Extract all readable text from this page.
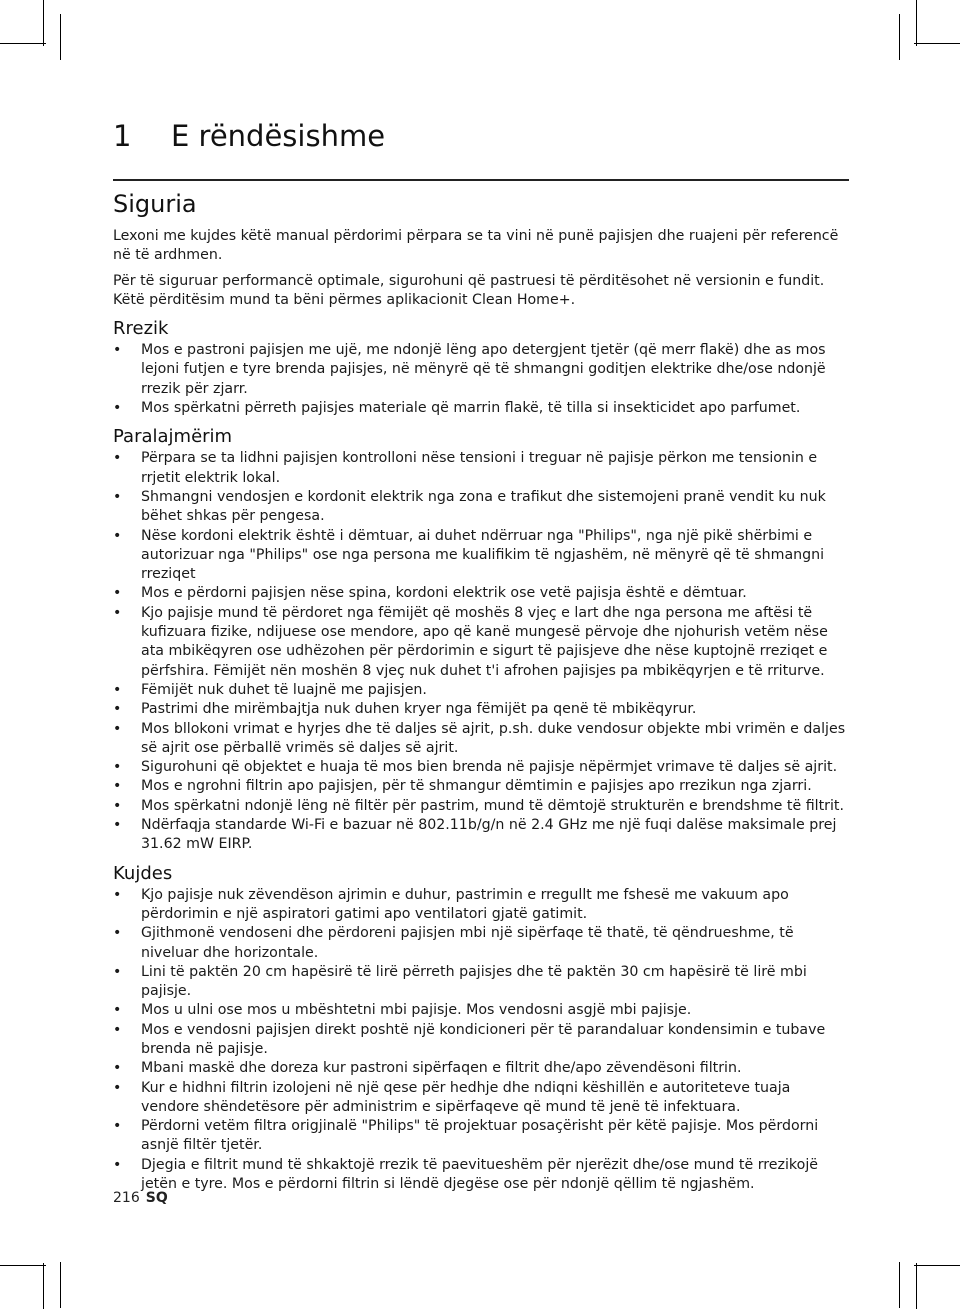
1	E rëndësishme
Siguria

Lexoni me kujdes këtë manual përdorimi përpara se ta vini në punë pajisjen dhe ruajeni për referencë në të ardhmen.

Për të siguruar performancë optimale, sigurohuni që pastruesi të përditësohet në versionin e fundit. Këtë përditësim mund ta bëni përmes aplikacionit Clean Home+.

Rrezik
• Mos e pastroni pajisjen me ujë, me ndonjë lëng apo detergjent tjetër (që merr flakë) dhe as mos lejoni futjen e tyre brenda pajisjes, në mënyrë që të shmangni goditjen elektrike dhe/ose ndonjë rrezik për zjarr.
• Mos spërkatni përreth pajisjes materiale që marrin flakë, të tilla si insekticidet apo parfumet.
Paralajmërim
• Përpara se ta lidhni pajisjen kontrolloni nëse tensioni i treguar në pajisje përkon me tensionin e rrjetit elektrik lokal.
• Shmangni vendosjen e kordonit elektrik nga zona e trafikut dhe sistemojeni pranë vendit ku nuk bëhet shkas për pengesa.
• Nëse kordoni elektrik është i dëmtuar, ai duhet ndërruar nga "Philips", nga një pikë shërbimi e autorizuar nga "Philips" ose nga persona me kualifikim të ngjashëm, në mënyrë që të shmangni rreziqet
• Mos e përdorni pajisjen nëse spina, kordoni elektrik ose vetë pajisja është e dëmtuar.
• Kjo pajisje mund të përdoret nga fëmijët që moshës 8 vjeç e lart dhe nga persona me aftësi të kufizuara fizike, ndijuese ose mendore, apo që kanë mungesë përvoje dhe njohurish vetëm nëse ata mbikëqyren ose udhëzohen për përdorimin e sigurt të pajisjeve dhe nëse kuptojnë rreziqet e përfshira. Fëmijët nën moshën 8 vjeç nuk duhet t'i afrohen pajisjes pa mbikëqyrjen e të rriturve.
• Fëmijët nuk duhet të luajnë me pajisjen.
• Pastrimi dhe mirëmbajtja nuk duhen kryer nga fëmijët pa qenë të mbikëqyrur.
• Mos bllokoni vrimat e hyrjes dhe të daljes së ajrit, p.sh. duke vendosur objekte mbi vrimën e daljes së ajrit ose përballë vrimës së daljes së ajrit.
• Sigurohuni që objektet e huaja të mos bien brenda në pajisje nëpërmjet vrimave të daljes së ajrit.
• Mos e ngrohni filtrin apo pajisjen, për të shmangur dëmtimin e pajisjes apo rrezikun nga zjarri.
• Mos spërkatni ndonjë lëng në filtër për pastrim, mund të dëmtojë strukturën e brendshme të filtrit.
• Ndërfaqja standarde Wi-Fi e bazuar në 802.11b/g/n në 2.4 GHz me një fuqi dalëse maksimale prej 31.62 mW EIRP.
Kujdes
• Kjo pajisje nuk zëvendëson ajrimin e duhur, pastrimin e rregullt me fshesë me vakuum apo përdorimin e një aspiratori gatimi apo ventilatori gjatë gatimit.
• Gjithmonë vendoseni dhe përdoreni pajisjen mbi një sipërfaqe të thatë, të qëndrueshme, të niveluar dhe horizontale.
• Lini të paktën 20 cm hapësirë të lirë përreth pajisjes dhe të paktën 30 cm hapësirë të lirë mbi pajisje.
• Mos u ulni ose mos u mbështetni mbi pajisje. Mos vendosni asgjë mbi pajisje.
• Mos e vendosni pajisjen direkt poshtë një kondicioneri për të parandaluar kondensimin e tubave brenda në pajisje.
• Mbani maskë dhe doreza kur pastroni sipërfaqen e filtrit dhe/apo zëvendësoni filtrin.
• Kur e hidhni filtrin izolojeni në një qese për hedhje dhe ndiqni këshillën e autoriteteve tuaja vendore shëndetësore për administrim e sipërfaqeve që mund të jenë të infektuara.
• Përdorni vetëm filtra origjinalë "Philips" të projektuar posaçërisht për këtë pajisje. Mos përdorni asnjë filtër tjetër.
• Djegia e filtrit mund të shkaktojë rrezik të paevitueshëm për njerëzit dhe/ose mund të rrezikojë jetën e tyre. Mos e përdorni filtrin si lëndë djegëse ose për ndonjë qëllim të ngjashëm.
216 SQ
